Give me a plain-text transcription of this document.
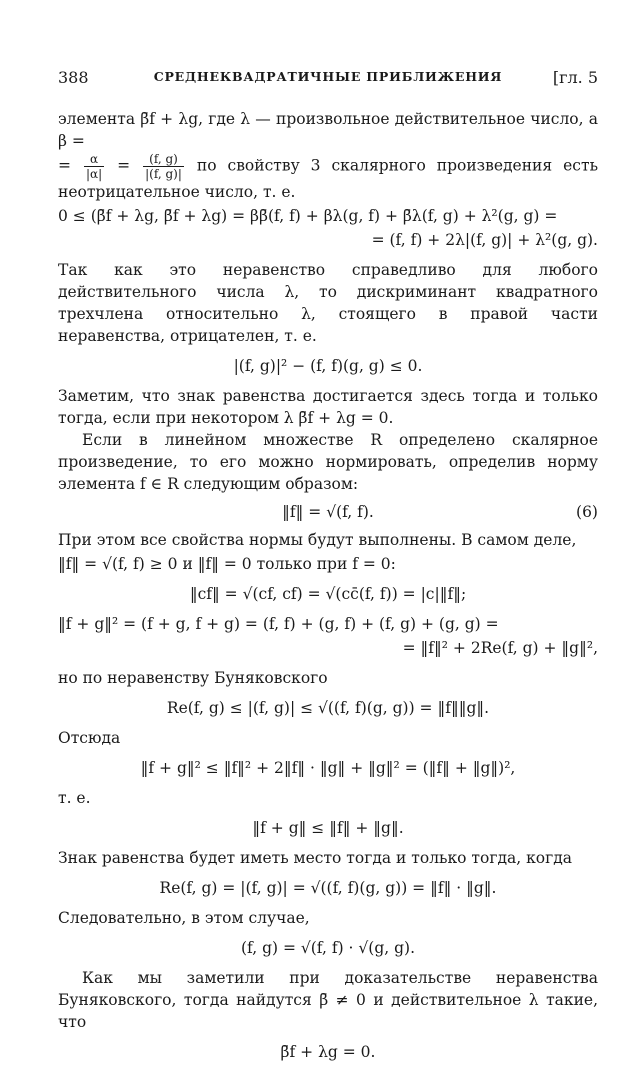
388	СРЕДНЕКВАДРАТИЧНЫЕ ПРИБЛИЖЕНИЯ	[гл. 5

элемента β̄f + λg, где λ — произвольное действительное число, а β =
= $\frac{\alpha}{|\alpha|} = \frac{(f, g)}{|(f, g)|}$ по свойству 3 скалярного произведения есть неотрицательное число, т. е.

0 ≤ (β̄f + λg, β̄f + λg) = ββ̄(f, f) + βλ(g, f) + β̄λ(f, g) + λ²(g, g) =
= (f, f) + 2λ|(f, g)| + λ²(g, g).

Так как это неравенство справедливо для любого действительного числа λ, то дискриминант квадратного трехчлена относительно λ, стоящего в правой части неравенства, отрицателен, т. е.

|(f, g)|² − (f, f)(g, g) ≤ 0.

Заметим, что знак равенства достигается здесь тогда и только тогда, если при некотором λ β̄f + λg = 0.

Если в линейном множестве R определено скалярное произведение, то его можно нормировать, определив норму элемента f ∈ R следующим образом:

‖f‖ = √(f, f).	(6)

При этом все свойства нормы будут выполнены. В самом деле,

‖f‖ = √(f, f) ≥ 0 и ‖f‖ = 0 только при f = 0:
‖cf‖ = √(cf, cf) = √(cc̄(f, f)) = |c|‖f‖;
‖f + g‖² = (f + g, f + g) = (f, f) + (g, f) + (f, g) + (g, g) =
= ‖f‖² + 2Re(f, g) + ‖g‖²,

но по неравенству Буняковского

Re(f, g) ≤ |(f, g)| ≤ √((f, f)(g, g)) = ‖f‖‖g‖.

Отсюда

‖f + g‖² ≤ ‖f‖² + 2‖f‖ · ‖g‖ + ‖g‖² = (‖f‖ + ‖g‖)²,

т. е.

‖f + g‖ ≤ ‖f‖ + ‖g‖.

Знак равенства будет иметь место тогда и только тогда, когда

Re(f, g) = |(f, g)| = √((f, f)(g, g)) = ‖f‖ · ‖g‖.

Следовательно, в этом случае,

(f, g) = √(f, f) · √(g, g).

Как мы заметили при доказательстве неравенства Буняковского, тогда найдутся β̄ ≠ 0 и действительное λ такие, что

β̄f + λg = 0.
